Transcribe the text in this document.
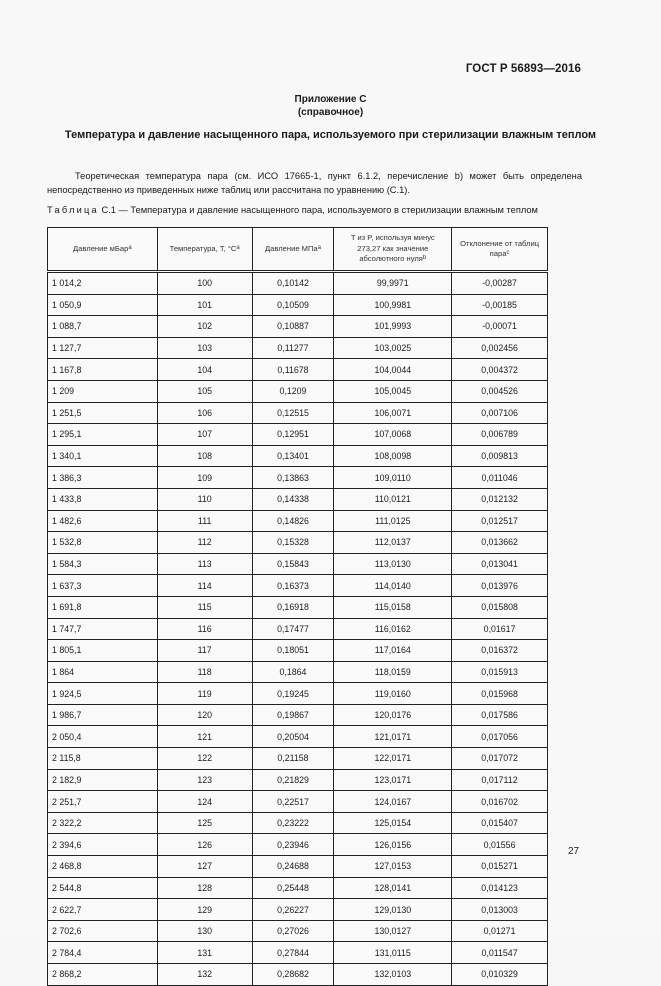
ГОСТ Р 56893—2016
Приложение С
(справочное)
Температура и давление насыщенного пара, используемого при стерилизации влажным теплом
Теоретическая температура пара (см. ИСО 17665-1, пункт 6.1.2, перечисление b) может быть определена непосредственно из приведенных ниже таблиц или рассчитана по уравнению (С.1).
Таблица С.1 — Температура и давление насыщенного пара, используемого в стерилизации влажным теплом
Давление мБар$^a$	Температура, T, $^\circ C^a$	Давление МПа$^a$	T из P, используя минус 273,27 как значение абсолютного нуля$^b$	Отклонение от таблиц пара$^c$
1 014,2	100	0,10142	99,9971	-0,00287
1 050,9	101	0,10509	100,9981	-0,00185
1 088,7	102	0,10887	101,9993	-0,00071
1 127,7	103	0,11277	103,0025	0,002456
1 167,8	104	0,11678	104,0044	0,004372
1 209	105	0,1209	105,0045	0,004526
1 251,5	106	0,12515	106,0071	0,007106
1 295,1	107	0,12951	107,0068	0,006789
1 340,1	108	0,13401	108,0098	0,009813
1 386,3	109	0,13863	109,0110	0,011046
1 433,8	110	0,14338	110,0121	0,012132
1 482,6	111	0,14826	111,0125	0,012517
1 532,8	112	0,15328	112,0137	0,013662
1 584,3	113	0,15843	113,0130	0,013041
1 637,3	114	0,16373	114,0140	0,013976
1 691,8	115	0,16918	115,0158	0,015808
1 747,7	116	0,17477	116,0162	0,01617
1 805,1	117	0,18051	117,0164	0,016372
1 864	118	0,1864	118,0159	0,015913
1 924,5	119	0,19245	119,0160	0,015968
1 986,7	120	0,19867	120,0176	0,017586
2 050,4	121	0,20504	121,0171	0,017056
2 115,8	122	0,21158	122,0171	0,017072
2 182,9	123	0,21829	123,0171	0,017112
2 251,7	124	0,22517	124,0167	0,016702
2 322,2	125	0,23222	125,0154	0,015407
2 394,6	126	0,23946	126,0156	0,01556
2 468,8	127	0,24688	127,0153	0,015271
2 544,8	128	0,25448	128,0141	0,014123
2 622,7	129	0,26227	129,0130	0,013003
2 702,6	130	0,27026	130,0127	0,01271
2 784,4	131	0,27844	131,0115	0,011547
2 868,2	132	0,28682	132,0103	0,010329
27
